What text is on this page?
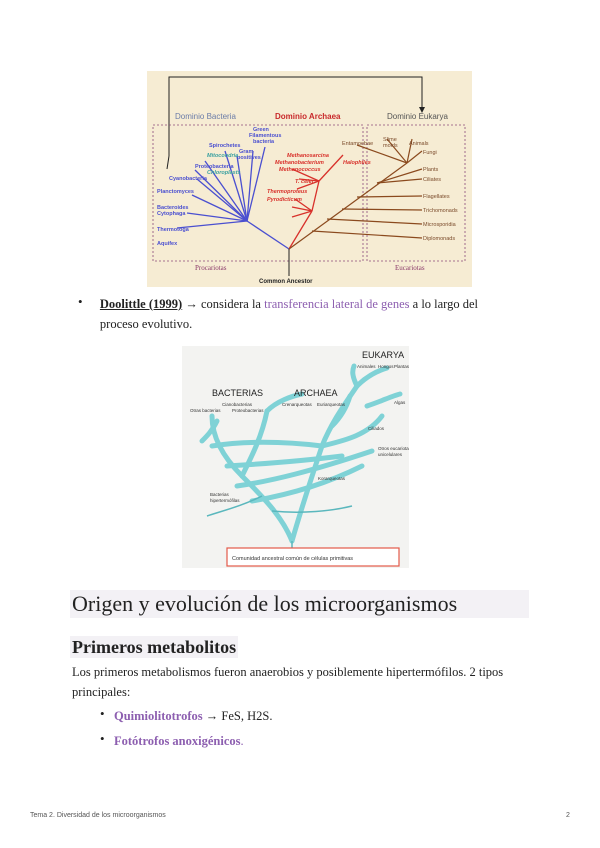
Dominio Bacteria	Dominio Archaea	Dominio Eukarya
Green
Filamentous
bacteria
Spirochetes
Gram
positives
Mitocondria
Proteobacteria
Chloroplasts
Cyanobacteria
Planctomyces
Bacteroides
Cytophaga
Thermotoga
Aquifex
Methanosarcina
Methanobacterium
Methanococcus
Halophiles
T. celer
Thermoproteus
Pyrodicticum
Entamoebae
Slime
molds Animals
Fungi
Plants
Ciliates
Flagellates
Trichomonads
Microsporidia
Diplomonads
Procariotas	Eucariotas
Common Ancestor
•	Doolittle (1999) → considera la transferencia lateral de genes a lo largo del proceso evolutivo.
Comunidad ancestral común de células primitivas
EUKARYA
BACTERIAS	ARCHAEA
Animales Hongos Plantas
Algas
Cianobacterias
Otras bacterias	Proteobacterias
Crenarqueotas Euriarqueotas
Ciliados
Otros eucariotas
unicelulares
Korarqueotas
Bacterias
hipertermófilas
Origen y evolución de los microorganismos
Primeros metabolitos
Los primeros metabolismos fueron anaerobios y posiblemente hipertermófilos. 2 tipos principales:
• Quimiolitotrofos → FeS, H2S.
• Fotótrofos anoxigénicos.
Tema 2. Diversidad de los microorganismos	2
